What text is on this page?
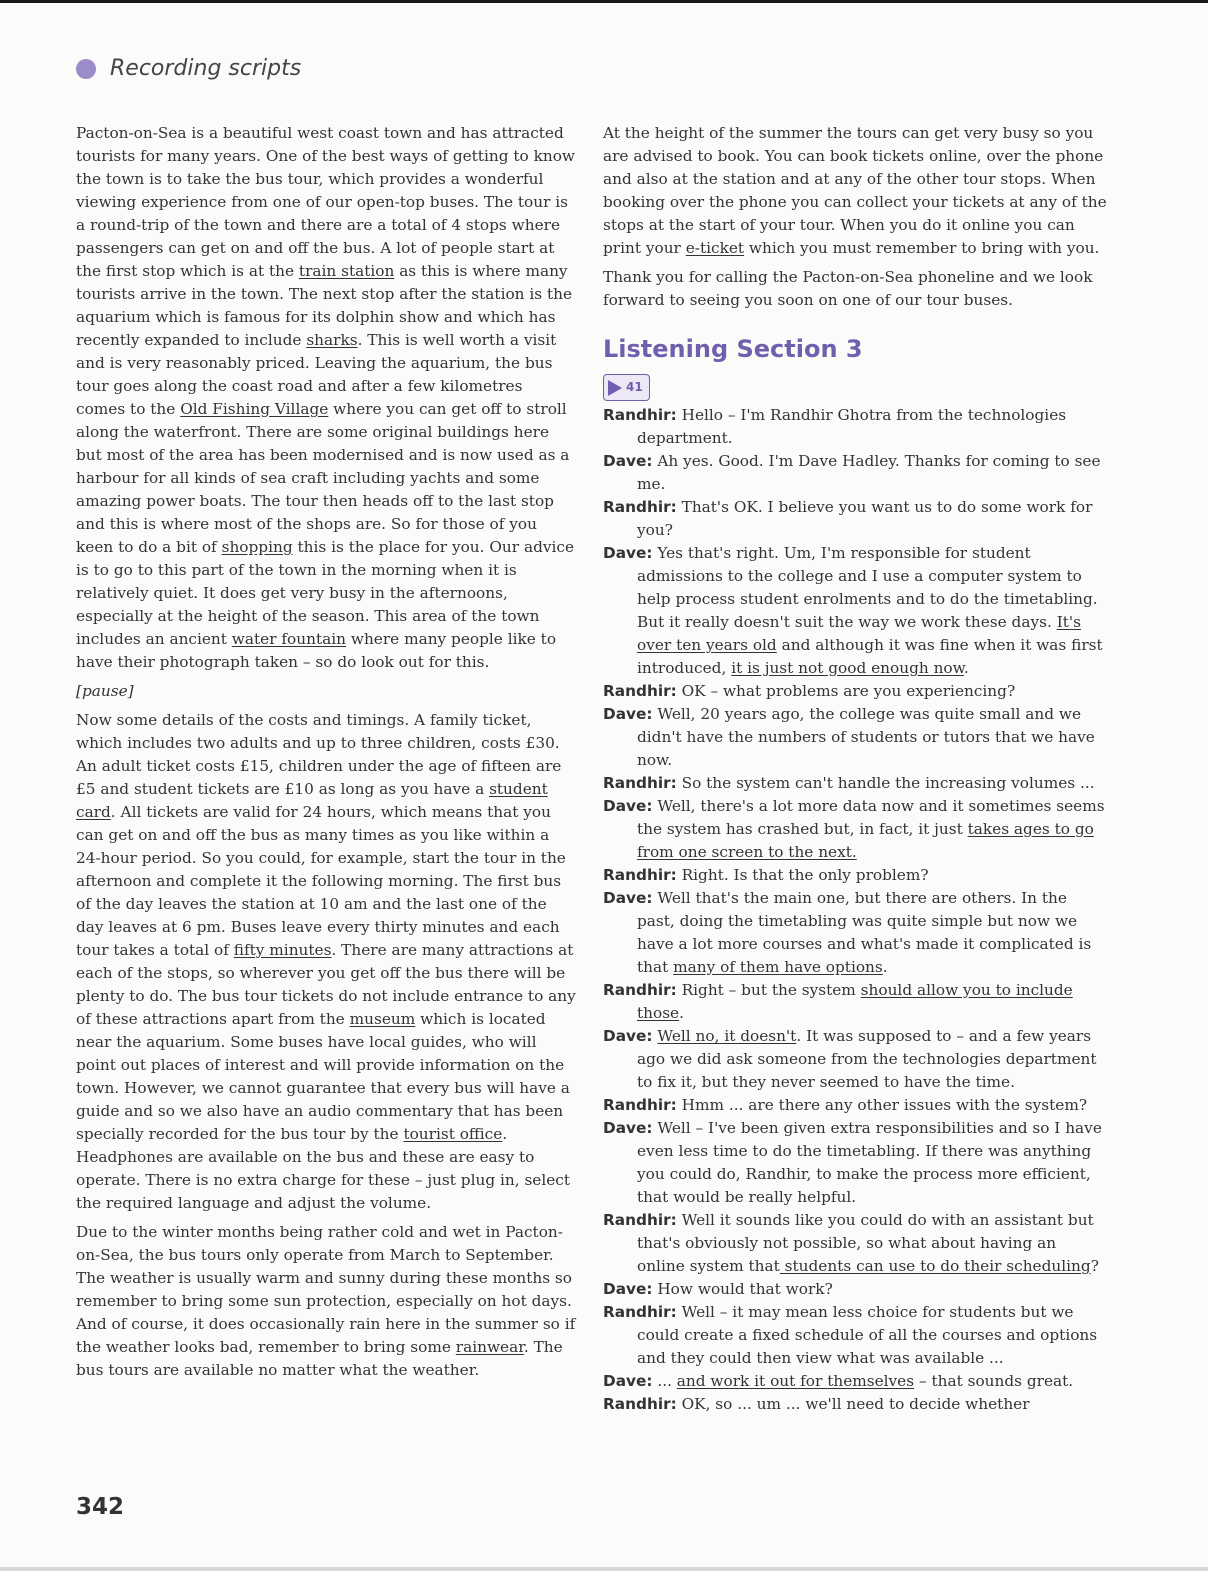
Recording scripts

Pacton-on-Sea is a beautiful west coast town and has attracted tourists for many years. One of the best ways of getting to know the town is to take the bus tour, which provides a wonderful viewing experience from one of our open-top buses. The tour is a round-trip of the town and there are a total of 4 stops where passengers can get on and off the bus. A lot of people start at the first stop which is at the train station as this is where many tourists arrive in the town. The next stop after the station is the aquarium which is famous for its dolphin show and which has recently expanded to include sharks. This is well worth a visit and is very reasonably priced. Leaving the aquarium, the bus tour goes along the coast road and after a few kilometres comes to the Old Fishing Village where you can get off to stroll along the waterfront. There are some original buildings here but most of the area has been modernised and is now used as a harbour for all kinds of sea craft including yachts and some amazing power boats. The tour then heads off to the last stop and this is where most of the shops are. So for those of you keen to do a bit of shopping this is the place for you. Our advice is to go to this part of the town in the morning when it is relatively quiet. It does get very busy in the afternoons, especially at the height of the season. This area of the town includes an ancient water fountain where many people like to have their photograph taken – so do look out for this.

[pause]

Now some details of the costs and timings. A family ticket, which includes two adults and up to three children, costs £30. An adult ticket costs £15, children under the age of fifteen are £5 and student tickets are £10 as long as you have a student card. All tickets are valid for 24 hours, which means that you can get on and off the bus as many times as you like within a 24-hour period. So you could, for example, start the tour in the afternoon and complete it the following morning. The first bus of the day leaves the station at 10 am and the last one of the day leaves at 6 pm. Buses leave every thirty minutes and each tour takes a total of fifty minutes. There are many attractions at each of the stops, so wherever you get off the bus there will be plenty to do. The bus tour tickets do not include entrance to any of these attractions apart from the museum which is located near the aquarium. Some buses have local guides, who will point out places of interest and will provide information on the town. However, we cannot guarantee that every bus will have a guide and so we also have an audio commentary that has been specially recorded for the bus tour by the tourist office. Headphones are available on the bus and these are easy to operate. There is no extra charge for these – just plug in, select the required language and adjust the volume.

Due to the winter months being rather cold and wet in Pacton-on-Sea, the bus tours only operate from March to September. The weather is usually warm and sunny during these months so remember to bring some sun protection, especially on hot days. And of course, it does occasionally rain here in the summer so if the weather looks bad, remember to bring some rainwear. The bus tours are available no matter what the weather.

At the height of the summer the tours can get very busy so you are advised to book. You can book tickets online, over the phone and also at the station and at any of the other tour stops. When booking over the phone you can collect your tickets at any of the stops at the start of your tour. When you do it online you can print your e-ticket which you must remember to bring with you.

Thank you for calling the Pacton-on-Sea phoneline and we look forward to seeing you soon on one of our tour buses.

Listening Section 3
41

Randhir: Hello – I'm Randhir Ghotra from the technologies department.

Dave: Ah yes. Good. I'm Dave Hadley. Thanks for coming to see me.

Randhir: That's OK. I believe you want us to do some work for you?

Dave: Yes that's right. Um, I'm responsible for student admissions to the college and I use a computer system to help process student enrolments and to do the timetabling. But it really doesn't suit the way we work these days. It's over ten years old and although it was fine when it was first introduced, it is just not good enough now.

Randhir: OK – what problems are you experiencing?

Dave: Well, 20 years ago, the college was quite small and we didn't have the numbers of students or tutors that we have now.

Randhir: So the system can't handle the increasing volumes ...

Dave: Well, there's a lot more data now and it sometimes seems the system has crashed but, in fact, it just takes ages to go from one screen to the next.

Randhir: Right. Is that the only problem?

Dave: Well that's the main one, but there are others. In the past, doing the timetabling was quite simple but now we have a lot more courses and what's made it complicated is that many of them have options.

Randhir: Right – but the system should allow you to include those.

Dave: Well no, it doesn't. It was supposed to – and a few years ago we did ask someone from the technologies department to fix it, but they never seemed to have the time.

Randhir: Hmm ... are there any other issues with the system?

Dave: Well – I've been given extra responsibilities and so I have even less time to do the timetabling. If there was anything you could do, Randhir, to make the process more efficient, that would be really helpful.

Randhir: Well it sounds like you could do with an assistant but that's obviously not possible, so what about having an online system that students can use to do their scheduling?

Dave: How would that work?

Randhir: Well – it may mean less choice for students but we could create a fixed schedule of all the courses and options and they could then view what was available ...

Dave: ... and work it out for themselves – that sounds great.

Randhir: OK, so ... um ... we'll need to decide whether

342
